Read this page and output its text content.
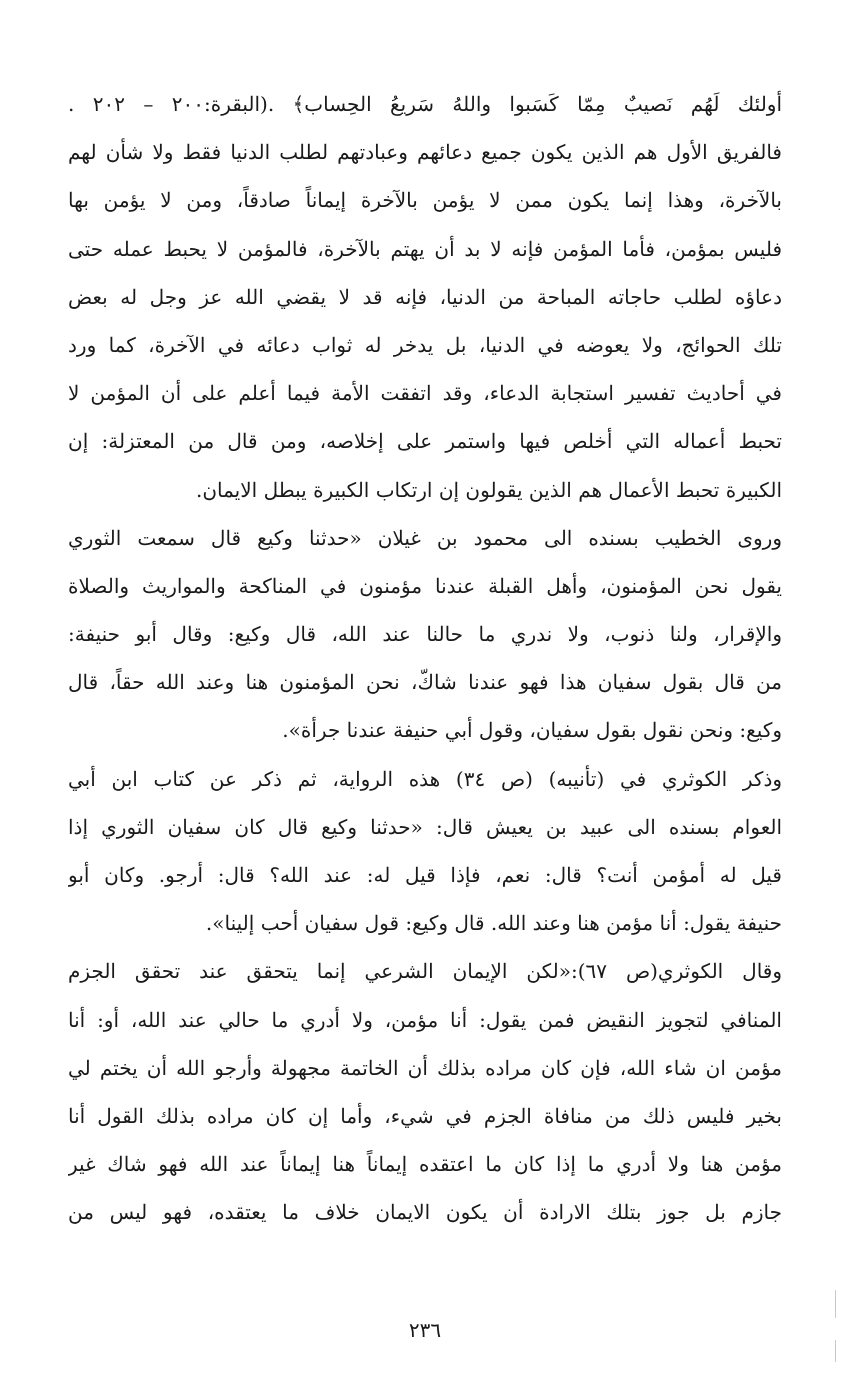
أولئك لَهُم نَصيبٌ مِمّا كَسَبوا واللهُ سَريعُ الحِساب﴾ .(البقرة:٢٠٠ – ٢٠٢ .
فالفريق الأول هم الذين يكون جميع دعائهم وعبادتهم لطلب الدنيا فقط ولا شأن لهم
بالآخرة، وهذا إنما يكون ممن لا يؤمن بالآخرة إيماناً صادقاً، ومن لا يؤمن بها
فليس بمؤمن، فأما المؤمن فإنه لا بد أن يهتم بالآخرة، فالمؤمن لا يحبط عمله حتى
دعاؤه لطلب حاجاته المباحة من الدنيا، فإنه قد لا يقضي الله عز وجل له بعض
تلك الحوائج، ولا يعوضه في الدنيا، بل يدخر له ثواب دعائه في الآخرة، كما ورد
في أحاديث تفسير استجابة الدعاء، وقد اتفقت الأمة فيما أعلم على أن المؤمن لا
تحبط أعماله التي أخلص فيها واستمر على إخلاصه، ومن قال من المعتزلة: إن
الكبيرة تحبط الأعمال هم الذين يقولون إن ارتكاب الكبيرة يبطل الايمان.
وروى الخطيب بسنده الى محمود بن غيلان «حدثنا وكيع قال سمعت الثوري
يقول نحن المؤمنون، وأهل القبلة عندنا مؤمنون في المناكحة والمواريث والصلاة
والإقرار، ولنا ذنوب، ولا ندري ما حالنا عند الله، قال وكيع: وقال أبو حنيفة:
من قال بقول سفيان هذا فهو عندنا شاكّ، نحن المؤمنون هنا وعند الله حقاً، قال
وكيع: ونحن نقول بقول سفيان، وقول أبي حنيفة عندنا جرأة».
وذكر الكوثري في (تأنيبه) (ص ٣٤) هذه الرواية، ثم ذكر عن كتاب ابن أبي
العوام بسنده الى عبيد بن يعيش قال: «حدثنا وكيع قال كان سفيان الثوري إذا
قيل له أمؤمن أنت؟ قال: نعم، فإذا قيل له: عند الله؟ قال: أرجو. وكان أبو
حنيفة يقول: أنا مؤمن هنا وعند الله. قال وكيع: قول سفيان أحب إلينا».
وقال الكوثري(ص ٦٧):«لكن الإيمان الشرعي إنما يتحقق عند تحقق الجزم
المنافي لتجويز النقيض فمن يقول: أنا مؤمن، ولا أدري ما حالي عند الله، أو: أنا
مؤمن ان شاء الله، فإن كان مراده بذلك أن الخاتمة مجهولة وأرجو الله أن يختم لي
بخير فليس ذلك من منافاة الجزم في شيء، وأما إن كان مراده بذلك القول أنا
مؤمن هنا ولا أدري ما إذا كان ما اعتقده إيماناً هنا إيماناً عند الله فهو شاك غير
جازم بل جوز بتلك الارادة أن يكون الايمان خلاف ما يعتقده، فهو ليس من
٢٣٦
